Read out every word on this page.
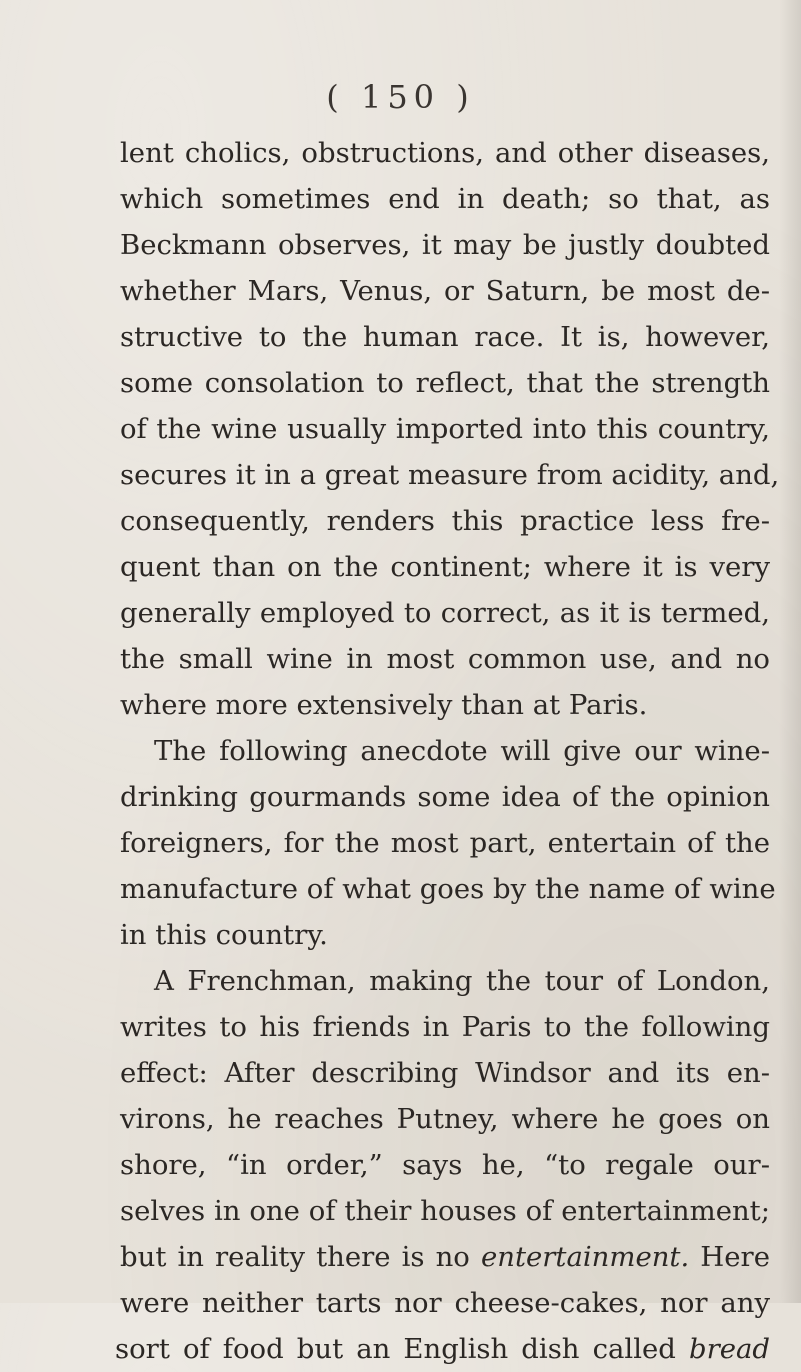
( 150 )
lent cholics, obstructions, and other diseases,
which sometimes end in death; so that, as
Beckmann observes, it may be justly doubted
whether Mars, Venus, or Saturn, be most de-
structive to the human race. It is, however,
some consolation to reflect, that the strength
of the wine usually imported into this country,
secures it in a great measure from acidity, and,
consequently, renders this practice less fre-
quent than on the continent; where it is very
generally employed to correct, as it is termed,
the small wine in most common use, and no
where more extensively than at Paris.
The following anecdote will give our wine-
drinking gourmands some idea of the opinion
foreigners, for the most part, entertain of the
manufacture of what goes by the name of wine
in this country.
A Frenchman, making the tour of London,
writes to his friends in Paris to the following
effect: After describing Windsor and its en-
virons, he reaches Putney, where he goes on
shore, “in order,” says he, “to regale our-
selves in one of their houses of entertainment;
but in reality there is no entertainment. Here
were neither tarts nor cheese-cakes, nor any
sort of food but an English dish called bread
